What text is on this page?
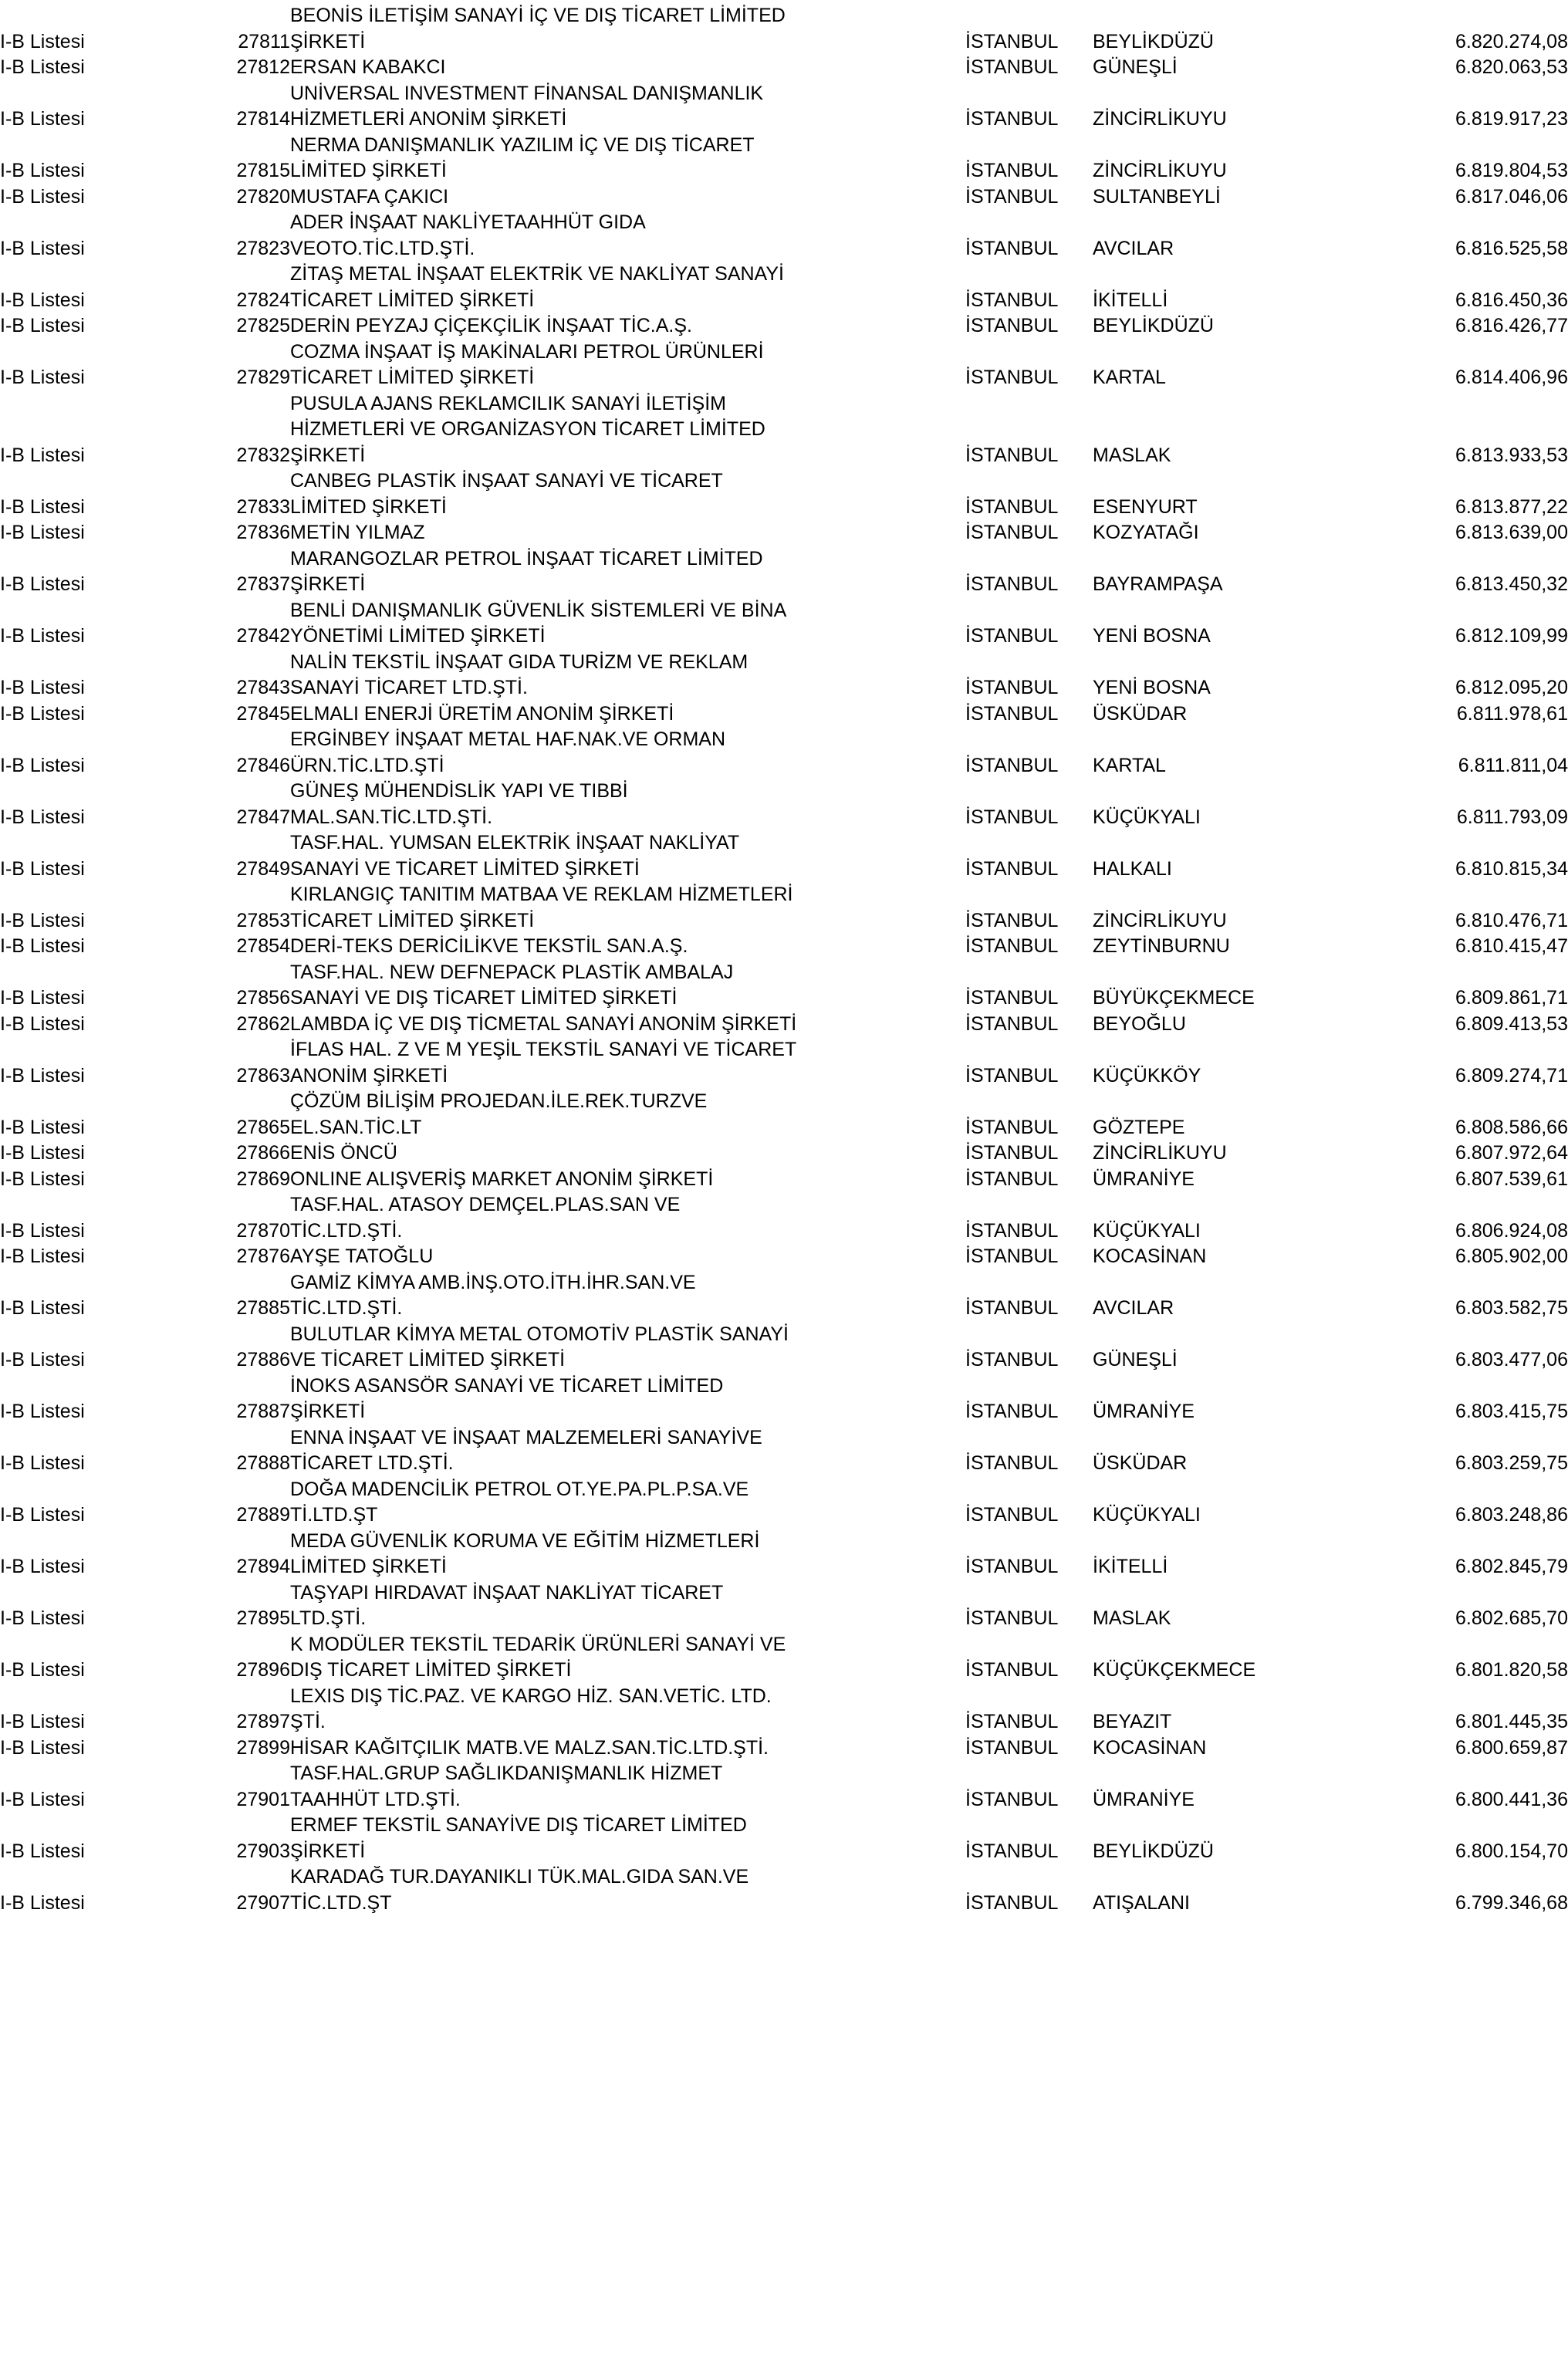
I-B Listesi	27811	BEONİS İLETİŞİM SANAYİ İÇ VE DIŞ TİCARET LİMİTED
ŞİRKETİ	İSTANBUL	BEYLİKDÜZÜ	6.820.274,08
I-B Listesi	27812	ERSAN KABAKCI	İSTANBUL	GÜNEŞLİ	6.820.063,53
I-B Listesi	27814	UNİVERSAL INVESTMENT FİNANSAL DANIŞMANLIK
HİZMETLERİ ANONİM ŞİRKETİ	İSTANBUL	ZİNCİRLİKUYU	6.819.917,23
I-B Listesi	27815	NERMA DANIŞMANLIK YAZILIM İÇ VE DIŞ TİCARET
LİMİTED ŞİRKETİ	İSTANBUL	ZİNCİRLİKUYU	6.819.804,53
I-B Listesi	27820	MUSTAFA ÇAKICI	İSTANBUL	SULTANBEYLİ	6.817.046,06
I-B Listesi	27823	ADER İNŞAAT NAKLİYETAAHHÜT GIDA
VEOTO.TİC.LTD.ŞTİ.	İSTANBUL	AVCILAR	6.816.525,58
I-B Listesi	27824	ZİTAŞ METAL İNŞAAT ELEKTRİK VE NAKLİYAT SANAYİ
TİCARET LİMİTED ŞİRKETİ	İSTANBUL	İKİTELLİ	6.816.450,36
I-B Listesi	27825	DERİN PEYZAJ ÇİÇEKÇİLİK İNŞAAT TİC.A.Ş.	İSTANBUL	BEYLİKDÜZÜ	6.816.426,77
I-B Listesi	27829	COZMA İNŞAAT İŞ MAKİNALARI PETROL ÜRÜNLERİ
TİCARET LİMİTED ŞİRKETİ	İSTANBUL	KARTAL	6.814.406,96
I-B Listesi	27832	PUSULA AJANS REKLAMCILIK SANAYİ İLETİŞİM
HİZMETLERİ VE ORGANİZASYON TİCARET LİMİTED
ŞİRKETİ	İSTANBUL	MASLAK	6.813.933,53
I-B Listesi	27833	CANBEG PLASTİK İNŞAAT SANAYİ VE TİCARET
LİMİTED ŞİRKETİ	İSTANBUL	ESENYURT	6.813.877,22
I-B Listesi	27836	METİN YILMAZ	İSTANBUL	KOZYATAĞI	6.813.639,00
I-B Listesi	27837	MARANGOZLAR PETROL İNŞAAT TİCARET LİMİTED
ŞİRKETİ	İSTANBUL	BAYRAMPAŞA	6.813.450,32
I-B Listesi	27842	BENLİ DANIŞMANLIK GÜVENLİK SİSTEMLERİ VE BİNA
YÖNETİMİ LİMİTED ŞİRKETİ	İSTANBUL	YENİ BOSNA	6.812.109,99
I-B Listesi	27843	NALİN TEKSTİL İNŞAAT GIDA TURİZM VE REKLAM
SANAYİ TİCARET LTD.ŞTİ.	İSTANBUL	YENİ BOSNA	6.812.095,20
I-B Listesi	27845	ELMALI ENERJİ ÜRETİM ANONİM ŞİRKETİ	İSTANBUL	ÜSKÜDAR	6.811.978,61
I-B Listesi	27846	ERGİNBEY İNŞAAT METAL HAF.NAK.VE ORMAN
ÜRN.TİC.LTD.ŞTİ	İSTANBUL	KARTAL	6.811.811,04
I-B Listesi	27847	GÜNEŞ MÜHENDİSLİK YAPI VE TIBBİ
MAL.SAN.TİC.LTD.ŞTİ.	İSTANBUL	KÜÇÜKYALI	6.811.793,09
I-B Listesi	27849	TASF.HAL. YUMSAN ELEKTRİK İNŞAAT NAKLİYAT
SANAYİ VE TİCARET LİMİTED ŞİRKETİ	İSTANBUL	HALKALI	6.810.815,34
I-B Listesi	27853	KIRLANGIÇ TANITIM MATBAA VE REKLAM HİZMETLERİ
TİCARET LİMİTED ŞİRKETİ	İSTANBUL	ZİNCİRLİKUYU	6.810.476,71
I-B Listesi	27854	DERİ-TEKS DERİCİLİKVE TEKSTİL SAN.A.Ş.	İSTANBUL	ZEYTİNBURNU	6.810.415,47
I-B Listesi	27856	TASF.HAL. NEW DEFNEPACK PLASTİK AMBALAJ
SANAYİ VE DIŞ TİCARET LİMİTED ŞİRKETİ	İSTANBUL	BÜYÜKÇEKMECE	6.809.861,71
I-B Listesi	27862	LAMBDA İÇ VE DIŞ TİCMETAL SANAYİ ANONİM ŞİRKETİ	İSTANBUL	BEYOĞLU	6.809.413,53
I-B Listesi	27863	İFLAS HAL. Z VE M YEŞİL TEKSTİL SANAYİ VE TİCARET
ANONİM ŞİRKETİ	İSTANBUL	KÜÇÜKKÖY	6.809.274,71
I-B Listesi	27865	ÇÖZÜM BİLİŞİM PROJEDAN.İLE.REK.TURZVE
EL.SAN.TİC.LT	İSTANBUL	GÖZTEPE	6.808.586,66
I-B Listesi	27866	ENİS ÖNCÜ	İSTANBUL	ZİNCİRLİKUYU	6.807.972,64
I-B Listesi	27869	ONLINE ALIŞVERİŞ MARKET ANONİM ŞİRKETİ	İSTANBUL	ÜMRANİYE	6.807.539,61
I-B Listesi	27870	TASF.HAL. ATASOY DEMÇEL.PLAS.SAN VE
TİC.LTD.ŞTİ.	İSTANBUL	KÜÇÜKYALI	6.806.924,08
I-B Listesi	27876	AYŞE TATOĞLU	İSTANBUL	KOCASİNAN	6.805.902,00
I-B Listesi	27885	GAMİZ KİMYA AMB.İNŞ.OTO.İTH.İHR.SAN.VE
TİC.LTD.ŞTİ.	İSTANBUL	AVCILAR	6.803.582,75
I-B Listesi	27886	BULUTLAR KİMYA METAL OTOMOTİV PLASTİK SANAYİ
VE TİCARET LİMİTED ŞİRKETİ	İSTANBUL	GÜNEŞLİ	6.803.477,06
I-B Listesi	27887	İNOKS ASANSÖR SANAYİ VE TİCARET LİMİTED
ŞİRKETİ	İSTANBUL	ÜMRANİYE	6.803.415,75
I-B Listesi	27888	ENNA İNŞAAT VE İNŞAAT MALZEMELERİ SANAYİVE
TİCARET LTD.ŞTİ.	İSTANBUL	ÜSKÜDAR	6.803.259,75
I-B Listesi	27889	DOĞA MADENCİLİK PETROL OT.YE.PA.PL.P.SA.VE
Tİ.LTD.ŞT	İSTANBUL	KÜÇÜKYALI	6.803.248,86
I-B Listesi	27894	MEDA GÜVENLİK KORUMA VE EĞİTİM HİZMETLERİ
LİMİTED ŞİRKETİ	İSTANBUL	İKİTELLİ	6.802.845,79
I-B Listesi	27895	TAŞYAPI HIRDAVAT İNŞAAT NAKLİYAT TİCARET
LTD.ŞTİ.	İSTANBUL	MASLAK	6.802.685,70
I-B Listesi	27896	K MODÜLER TEKSTİL TEDARİK ÜRÜNLERİ SANAYİ VE
DIŞ TİCARET LİMİTED ŞİRKETİ	İSTANBUL	KÜÇÜKÇEKMECE	6.801.820,58
I-B Listesi	27897	LEXIS DIŞ TİC.PAZ. VE KARGO HİZ. SAN.VETİC. LTD.
ŞTİ.	İSTANBUL	BEYAZIT	6.801.445,35
I-B Listesi	27899	HİSAR KAĞITÇILIK MATB.VE MALZ.SAN.TİC.LTD.ŞTİ.	İSTANBUL	KOCASİNAN	6.800.659,87
I-B Listesi	27901	TASF.HAL.GRUP SAĞLIKDANIŞMANLIK HİZMET
TAAHHÜT LTD.ŞTİ.	İSTANBUL	ÜMRANİYE	6.800.441,36
I-B Listesi	27903	ERMEF TEKSTİL SANAYİVE DIŞ TİCARET LİMİTED
ŞİRKETİ	İSTANBUL	BEYLİKDÜZÜ	6.800.154,70
I-B Listesi	27907	KARADAĞ TUR.DAYANIKLI TÜK.MAL.GIDA SAN.VE
TİC.LTD.ŞT	İSTANBUL	ATIŞALANI	6.799.346,68
